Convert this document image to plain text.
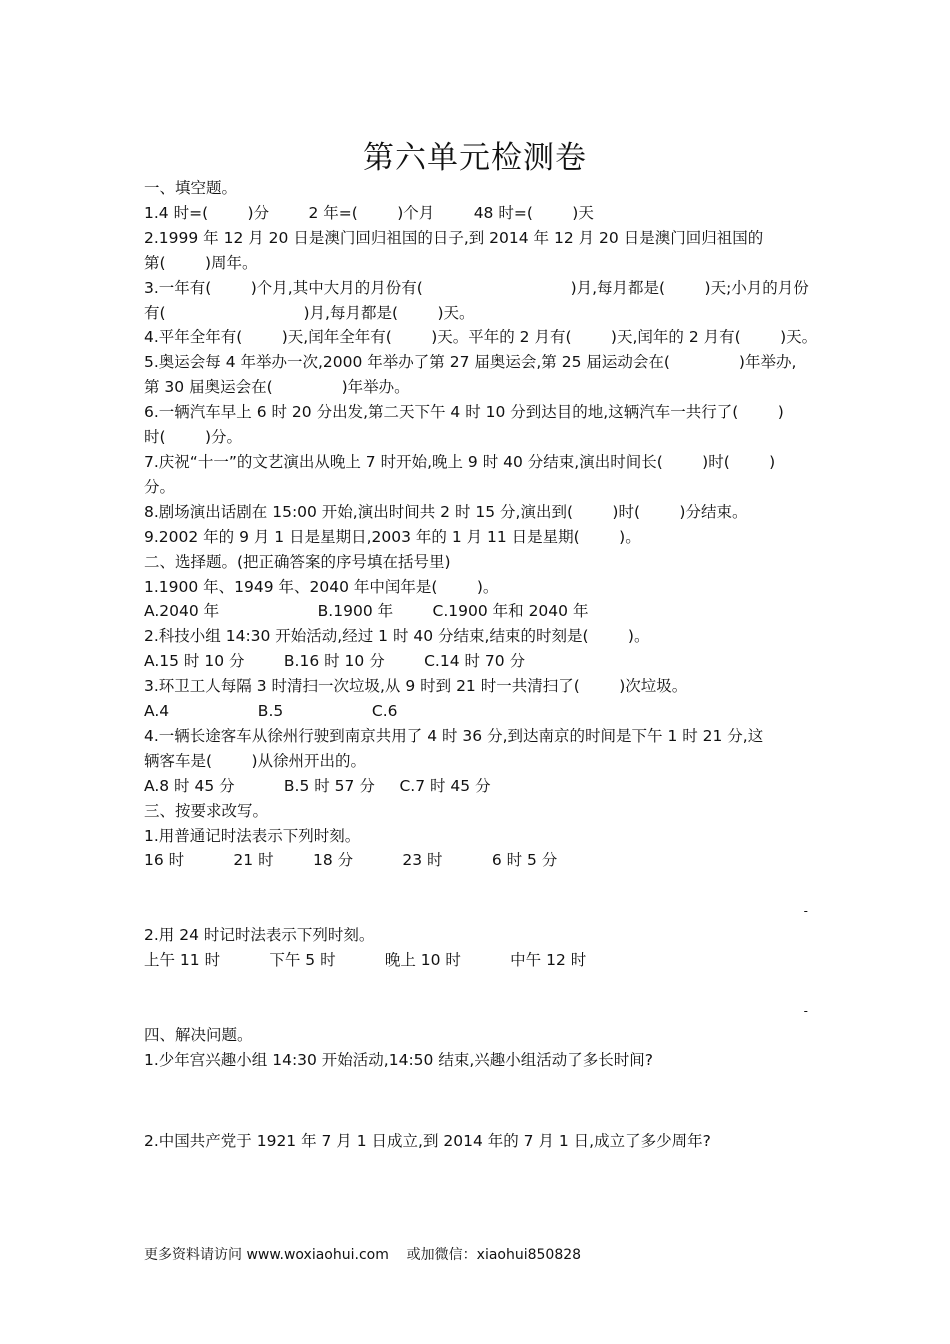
第六单元检测卷
一、填空题。
1.4 时=(        )分        2 年=(        )个月        48 时=(        )天
2.1999 年 12 月 20 日是澳门回归祖国的日子,到 2014 年 12 月 20 日是澳门回归祖国的
第(        )周年。
3.一年有(        )个月,其中大月的月份有(                              )月,每月都是(        )天;小月的月份
有(                            )月,每月都是(        )天。
4.平年全年有(        )天,闰年全年有(        )天。平年的 2 月有(        )天,闰年的 2 月有(        )天。
5.奥运会每 4 年举办一次,2000 年举办了第 27 届奥运会,第 25 届运动会在(              )年举办,
第 30 届奥运会在(              )年举办。
6.一辆汽车早上 6 时 20 分出发,第二天下午 4 时 10 分到达目的地,这辆汽车一共行了(        )
时(        )分。
7.庆祝“十一”的文艺演出从晚上 7 时开始,晚上 9 时 40 分结束,演出时间长(        )时(        )
分。
8.剧场演出话剧在 15:00 开始,演出时间共 2 时 15 分,演出到(        )时(        )分结束。
9.2002 年的 9 月 1 日是星期日,2003 年的 1 月 11 日是星期(        )。
二、选择题。(把正确答案的序号填在括号里)
1.1900 年、1949 年、2040 年中闰年是(        )。
A.2040 年                    B.1900 年        C.1900 年和 2040 年
2.科技小组 14:30 开始活动,经过 1 时 40 分结束,结束的时刻是(        )。
A.15 时 10 分        B.16 时 10 分        C.14 时 70 分
3.环卫工人每隔 3 时清扫一次垃圾,从 9 时到 21 时一共清扫了(        )次垃圾。
A.4                  B.5                  C.6
4.一辆长途客车从徐州行驶到南京共用了 4 时 36 分,到达南京的时间是下午 1 时 21 分,这
辆客车是(        )从徐州开出的。
A.8 时 45 分          B.5 时 57 分     C.7 时 45 分
三、按要求改写。
1.用普通记时法表示下列时刻。
16 时          21 时        18 分          23 时          6 时 5 分
-
2.用 24 时记时法表示下列时刻。
上午 11 时          下午 5 时          晚上 10 时          中午 12 时
-
四、解决问题。
1.少年宫兴趣小组 14:30 开始活动,14:50 结束,兴趣小组活动了多长时间?
2.中国共产党于 1921 年 7 月 1 日成立,到 2014 年的 7 月 1 日,成立了多少周年?
更多资料请访问 www.woxiaohui.com    或加微信：xiaohui850828
